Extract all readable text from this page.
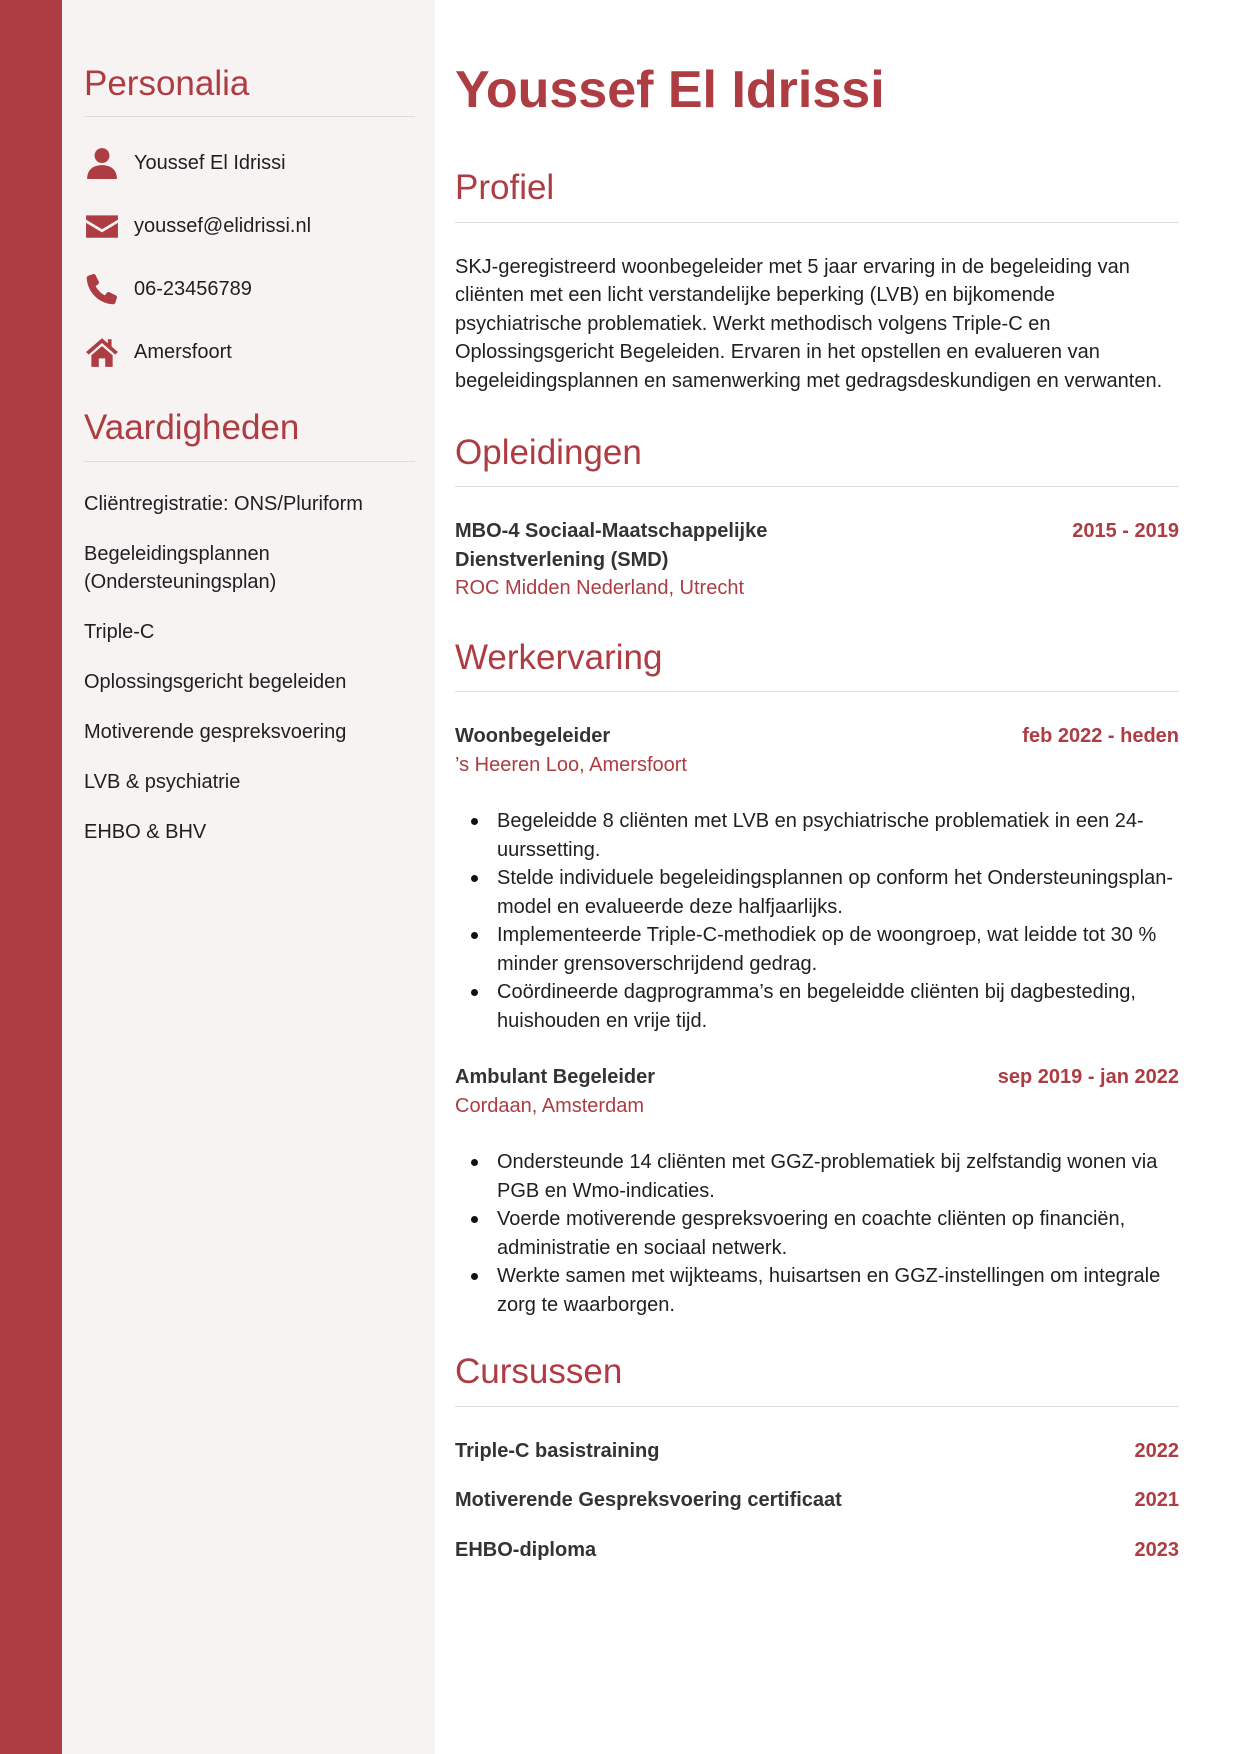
Personalia
Youssef El Idrissi
youssef@elidrissi.nl
06-23456789
Amersfoort
Vaardigheden
Cliëntregistratie: ONS/Pluriform
Begeleidingsplannen (Ondersteuningsplan)
Triple-C
Oplossingsgericht begeleiden
Motiverende gespreksvoering
LVB & psychiatrie
EHBO & BHV
Youssef El Idrissi
Profiel

SKJ-geregistreerd woonbegeleider met 5 jaar ervaring in de begeleiding van cliënten met een licht verstandelijke beperking (LVB) en bijkomende psychiatrische problematiek. Werkt methodisch volgens Triple-C en Oplossingsgericht Begeleiden. Ervaren in het opstellen en evalueren van begeleidingsplannen en samenwerking met gedragsdeskundigen en verwanten.

Opleidingen
MBO-4 Sociaal-Maatschappelijke Dienstverlening (SMD)
2015 - 2019
ROC Midden Nederland, Utrecht
Werkervaring
Woonbegeleider	feb 2022 - heden
’s Heeren Loo, Amersfoort
Begeleidde 8 cliënten met LVB en psychiatrische problematiek in een 24-uurssetting.
Stelde individuele begeleidingsplannen op conform het Ondersteuningsplan-model en evalueerde deze halfjaarlijks.
Implementeerde Triple-C-methodiek op de woongroep, wat leidde tot 30 % minder grensoverschrijdend gedrag.
Coördineerde dagprogramma’s en begeleidde cliënten bij dagbesteding, huishouden en vrije tijd.
Ambulant Begeleider	sep 2019 - jan 2022
Cordaan, Amsterdam
Ondersteunde 14 cliënten met GGZ-problematiek bij zelfstandig wonen via PGB en Wmo-indicaties.
Voerde motiverende gespreksvoering en coachte cliënten op financiën, administratie en sociaal netwerk.
Werkte samen met wijkteams, huisartsen en GGZ-instellingen om integrale zorg te waarborgen.
Cursussen
Triple-C basistraining	2022
Motiverende Gespreksvoering certificaat	2021
EHBO-diploma	2023
